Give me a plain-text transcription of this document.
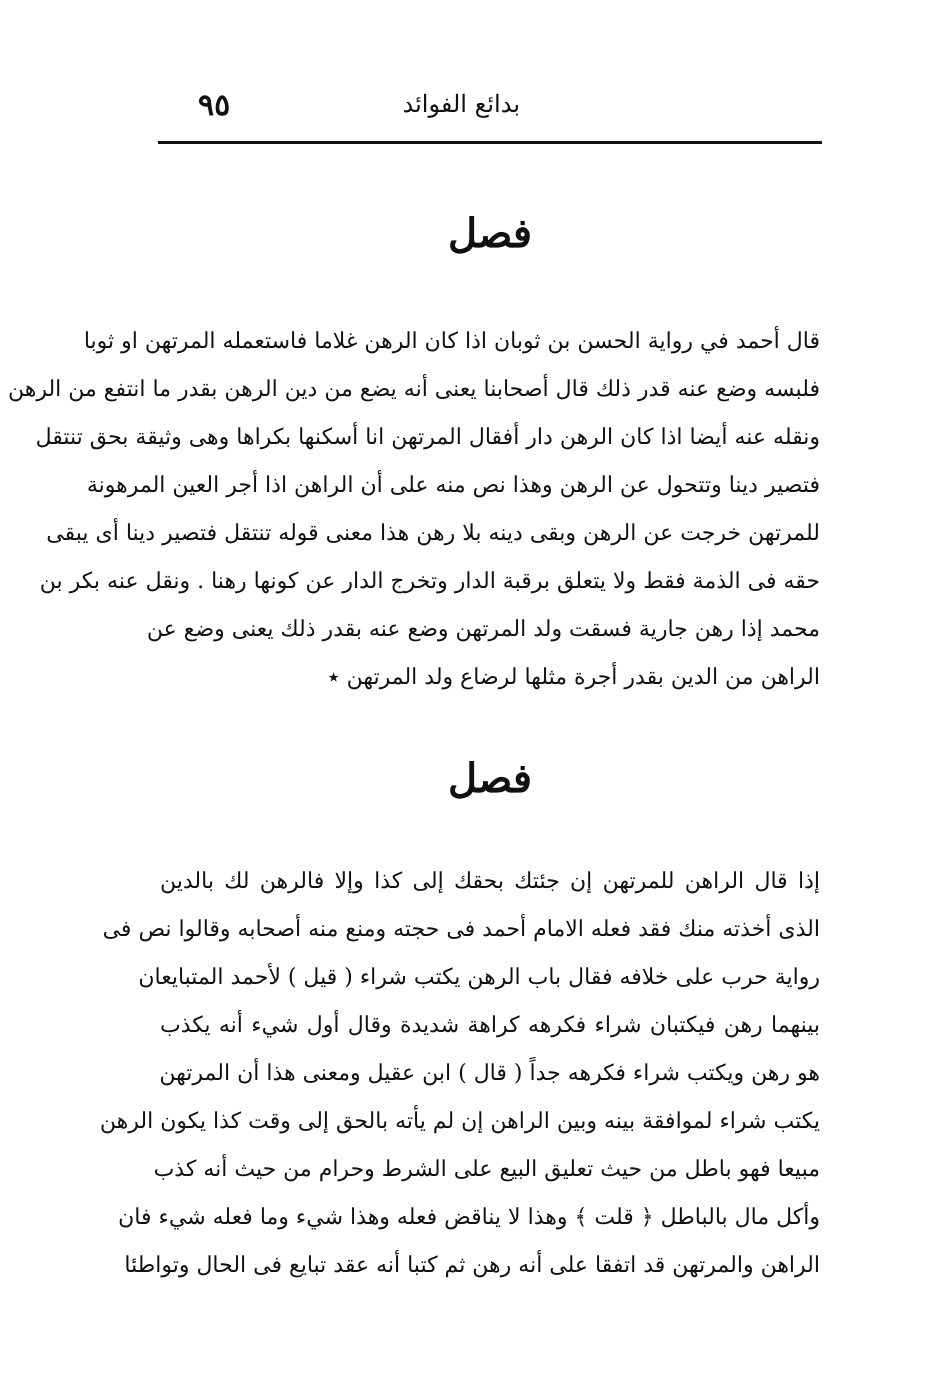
بدائع الفوائد
٩٥
فصل
قال أحمد في رواية الحسن بن ثوبان اذا كان الرهن غلاما فاستعمله المرتهن او ثوبا
فلبسه وضع عنه قدر ذلك قال أصحابنا يعنى أنه يضع من دين الرهن بقدر ما انتفع من الرهن
ونقله عنه أيضا اذا كان الرهن دار أفقال المرتهن انا أسكنها بكراها وهى وثيقة بحق تنتقل
فتصير دينا وتتحول عن الرهن وهذا نص منه على أن الراهن اذا أجر العين المرهونة
للمرتهن خرجت عن الرهن وبقى دينه بلا رهن هذا معنى قوله تنتقل فتصير دينا أى يبقى
حقه فى الذمة فقط ولا يتعلق برقبة الدار وتخرج الدار عن كونها رهنا . ونقل عنه بكر بن
محمد إذا رهن جارية فسقت ولد المرتهن وضع عنه بقدر ذلك يعنى وضع عن
الراهن من الدين بقدر أجرة مثلها لرضاع ولد المرتهن ٭
فصل
إذا قال الراهن للمرتهن إن جئتك بحقك إلى كذا وإلا فالرهن لك بالدين
الذى أخذته منك فقد فعله الامام أحمد فى حجته ومنع منه أصحابه وقالوا نص فى
رواية حرب على خلافه فقال باب الرهن يكتب شراء ( قيل ) لأحمد المتبايعان
بينهما رهن فيكتبان شراء فكرهه كراهة شديدة وقال أول شيء أنه يكذب
هو رهن ويكتب شراء فكرهه جداً ( قال ) ابن عقيل ومعنى هذا أن المرتهن
يكتب شراء لموافقة بينه وبين الراهن إن لم يأته بالحق إلى وقت كذا يكون الرهن
مبيعا فهو باطل من حيث تعليق البيع على الشرط وحرام من حيث أنه كذب
وأكل مال بالباطل ﴿ قلت ﴾ وهذا لا يناقض فعله وهذا شيء وما فعله شيء فان
الراهن والمرتهن قد اتفقا على أنه رهن ثم كتبا أنه عقد تبايع فى الحال وتواطئا
